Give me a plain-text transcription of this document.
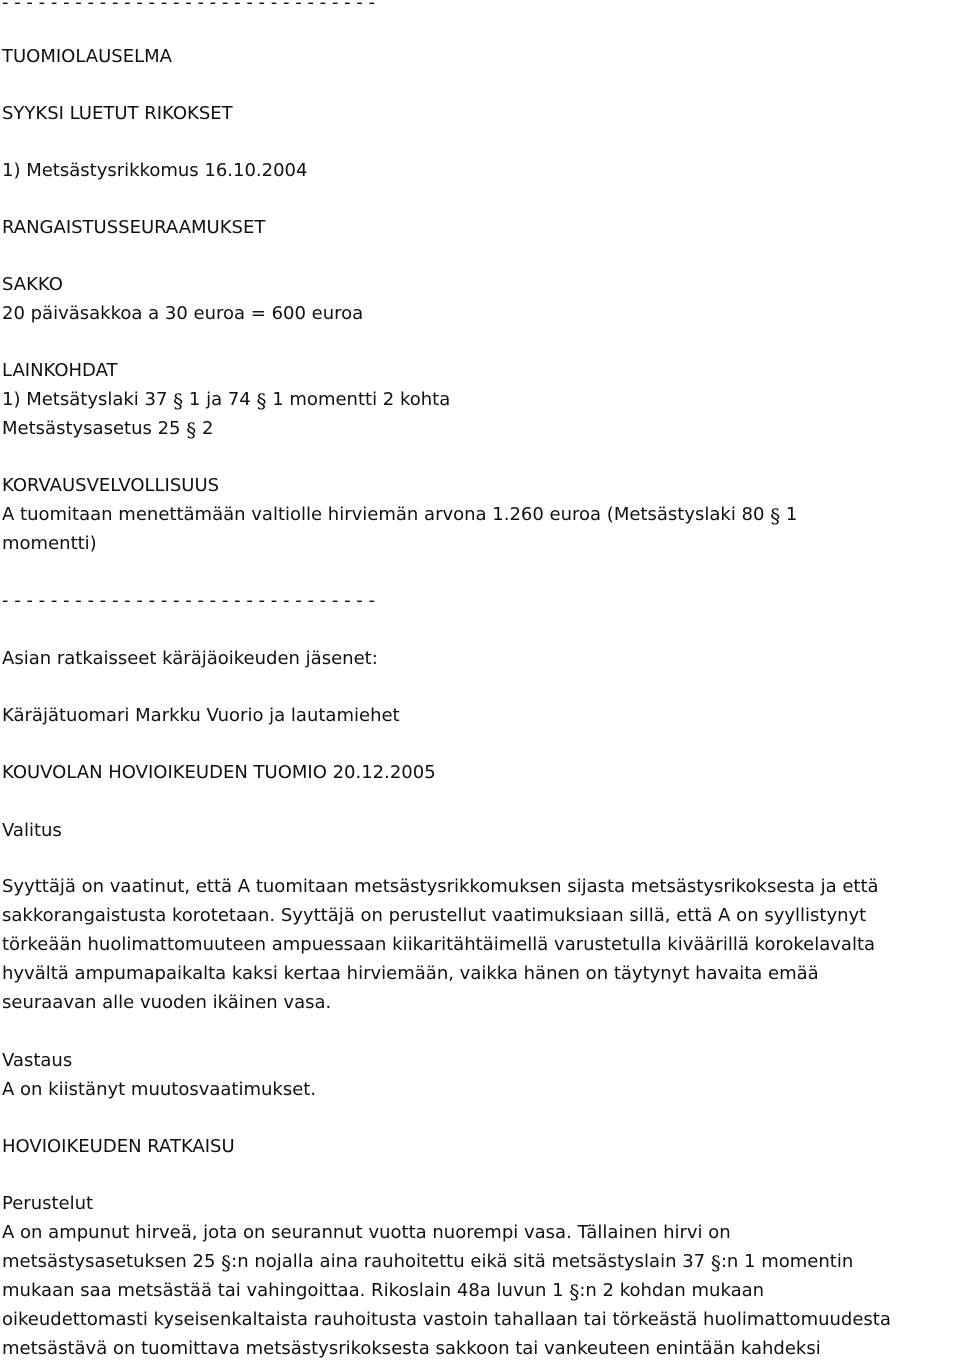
- - - - - - - - - - - - - - - - - - - - - - - - - - - - - - -
TUOMIOLAUSELMA
SYYKSI LUETUT RIKOKSET
1) Metsästysrikkomus 16.10.2004
RANGAISTUSSEURAAMUKSET
SAKKO
20 päiväsakkoa a 30 euroa = 600 euroa
LAINKOHDAT
1) Metsätyslaki 37 § 1 ja 74 § 1 momentti 2 kohta
Metsästysasetus 25 § 2
KORVAUSVELVOLLISUUS
A tuomitaan menettämään valtiolle hirviemän arvona 1.260 euroa (Metsästyslaki 80 § 1
momentti)
- - - - - - - - - - - - - - - - - - - - - - - - - - - - - - -
Asian ratkaisseet käräjäoikeuden jäsenet:
Käräjätuomari Markku Vuorio ja lautamiehet
KOUVOLAN HOVIOIKEUDEN TUOMIO 20.12.2005
Valitus
Syyttäjä on vaatinut, että A tuomitaan metsästysrikkomuksen sijasta metsästysrikoksesta ja että
sakkorangaistusta korotetaan. Syyttäjä on perustellut vaatimuksiaan sillä, että A on syyllistynyt
törkeään huolimattomuuteen ampuessaan kiikaritähtäimellä varustetulla kiväärillä korokelavalta
hyvältä ampumapaikalta kaksi kertaa hirviemään, vaikka hänen on täytynyt havaita emää
seuraavan alle vuoden ikäinen vasa.
Vastaus
A on kiistänyt muutosvaatimukset.
HOVIOIKEUDEN RATKAISU
Perustelut
A on ampunut hirveä, jota on seurannut vuotta nuorempi vasa. Tällainen hirvi on
metsästysasetuksen 25 §:n nojalla aina rauhoitettu eikä sitä metsästyslain 37 §:n 1 momentin
mukaan saa metsästää tai vahingoittaa. Rikoslain 48a luvun 1 §:n 2 kohdan mukaan
oikeudettomasti kyseisenkaltaista rauhoitusta vastoin tahallaan tai törkeästä huolimattomuudesta
metsästävä on tuomittava metsästysrikoksesta sakkoon tai vankeuteen enintään kahdeksi
